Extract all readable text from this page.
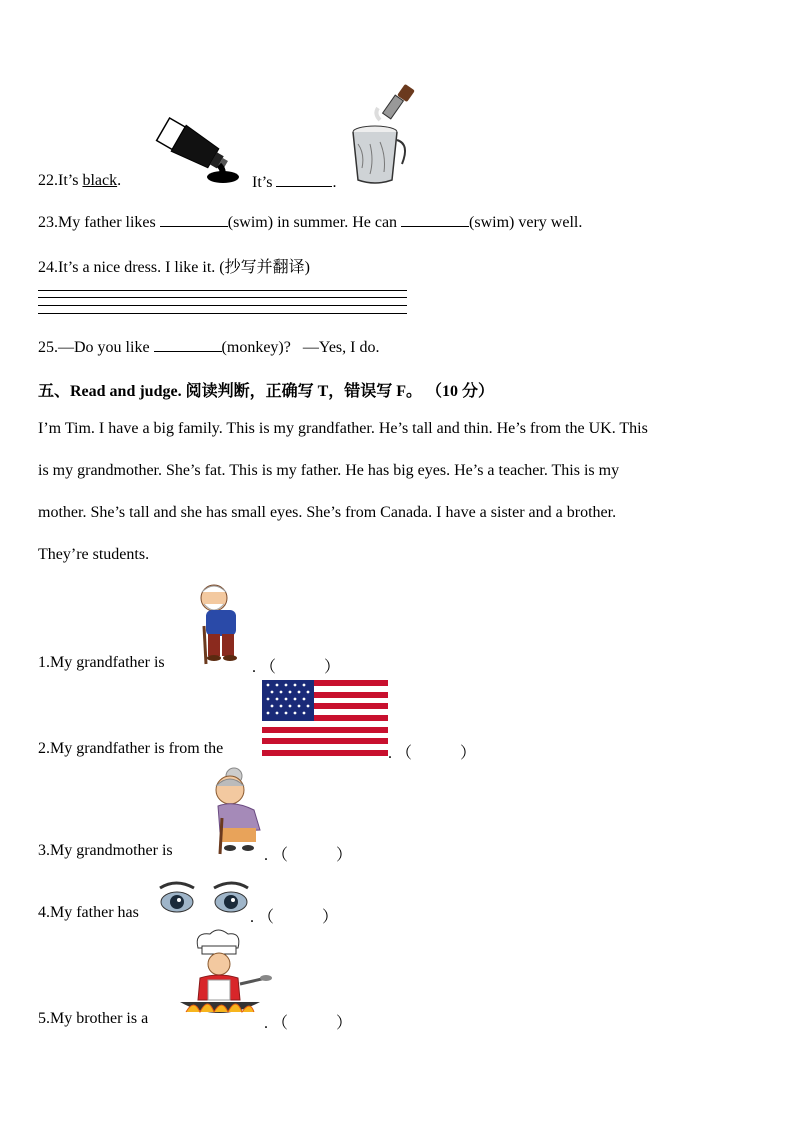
22.It’s black.	It’s	.
23.My father likes	(swim) in summer. He can	(swim) very well.
24.It’s a nice dress. I like it. (抄写并翻译)
25.—Do you like	(monkey)? —Yes, I do.
五、Read and judge. 阅读判断，正确写 T，错误写 F。 （10 分）
I’m Tim. I have a big family. This is my grandfather. He’s tall and thin. He’s from the UK. This
is my grandmother. She’s fat. This is my father. He has big eyes. He’s a teacher. This is my
mother. She’s tall and she has small eyes. She’s from Canada. I have a sister and a brother.
They’re students.
1.My grandfather is	. （　　　）
2.My grandfather is from the	. （　　　）
3.My grandmother is	. （　　　）
4.My father has	. （　　　）
5.My brother is a	. （　　　）
